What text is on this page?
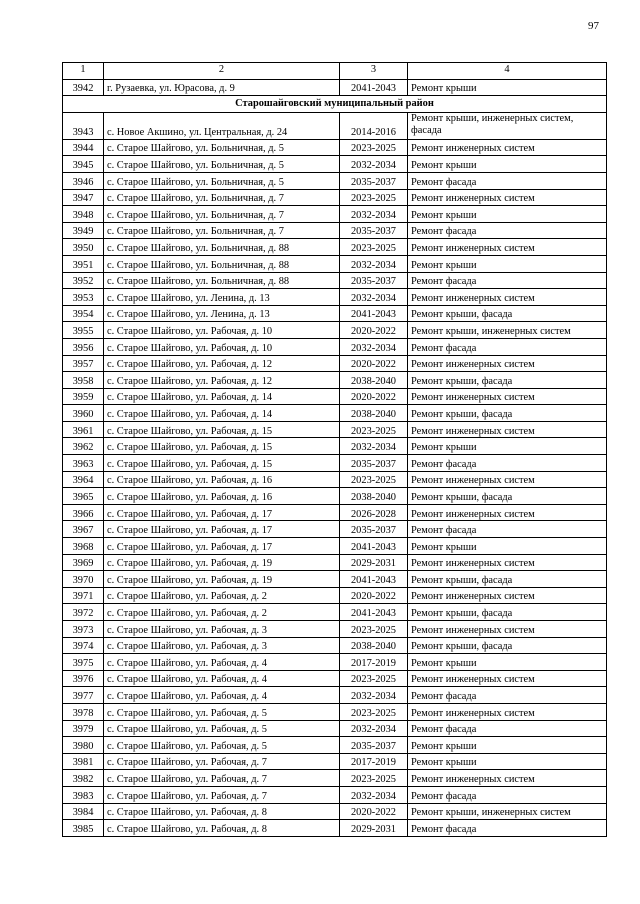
97
1	2	3	4
3942	г. Рузаевка, ул. Юрасова, д. 9	2041-2043	Ремонт крыши
Старошайговский муниципальный район			
3943	с. Новое Акшино, ул. Центральная, д. 24	2014-2016	Ремонт крыши, инженерных систем, фасада
3944	с. Старое Шайгово, ул. Больничная, д. 5	2023-2025	Ремонт инженерных систем
3945	с. Старое Шайгово, ул. Больничная, д. 5	2032-2034	Ремонт крыши
3946	с. Старое Шайгово, ул. Больничная, д. 5	2035-2037	Ремонт фасада
3947	с. Старое Шайгово, ул. Больничная, д. 7	2023-2025	Ремонт инженерных систем
3948	с. Старое Шайгово, ул. Больничная, д. 7	2032-2034	Ремонт крыши
3949	с. Старое Шайгово, ул. Больничная, д. 7	2035-2037	Ремонт фасада
3950	с. Старое Шайгово, ул. Больничная, д. 88	2023-2025	Ремонт инженерных систем
3951	с. Старое Шайгово, ул. Больничная, д. 88	2032-2034	Ремонт крыши
3952	с. Старое Шайгово, ул. Больничная, д. 88	2035-2037	Ремонт фасада
3953	с. Старое Шайгово, ул. Ленина, д. 13	2032-2034	Ремонт инженерных систем
3954	с. Старое Шайгово, ул. Ленина, д. 13	2041-2043	Ремонт крыши, фасада
3955	с. Старое Шайгово, ул. Рабочая, д. 10	2020-2022	Ремонт крыши, инженерных систем
3956	с. Старое Шайгово, ул. Рабочая, д. 10	2032-2034	Ремонт фасада
3957	с. Старое Шайгово, ул. Рабочая, д. 12	2020-2022	Ремонт инженерных систем
3958	с. Старое Шайгово, ул. Рабочая, д. 12	2038-2040	Ремонт крыши, фасада
3959	с. Старое Шайгово, ул. Рабочая, д. 14	2020-2022	Ремонт инженерных систем
3960	с. Старое Шайгово, ул. Рабочая, д. 14	2038-2040	Ремонт крыши, фасада
3961	с. Старое Шайгово, ул. Рабочая, д. 15	2023-2025	Ремонт инженерных систем
3962	с. Старое Шайгово, ул. Рабочая, д. 15	2032-2034	Ремонт крыши
3963	с. Старое Шайгово, ул. Рабочая, д. 15	2035-2037	Ремонт фасада
3964	с. Старое Шайгово, ул. Рабочая, д. 16	2023-2025	Ремонт инженерных систем
3965	с. Старое Шайгово, ул. Рабочая, д. 16	2038-2040	Ремонт крыши, фасада
3966	с. Старое Шайгово, ул. Рабочая, д. 17	2026-2028	Ремонт инженерных систем
3967	с. Старое Шайгово, ул. Рабочая, д. 17	2035-2037	Ремонт фасада
3968	с. Старое Шайгово, ул. Рабочая, д. 17	2041-2043	Ремонт крыши
3969	с. Старое Шайгово, ул. Рабочая, д. 19	2029-2031	Ремонт инженерных систем
3970	с. Старое Шайгово, ул. Рабочая, д. 19	2041-2043	Ремонт крыши, фасада
3971	с. Старое Шайгово, ул. Рабочая, д. 2	2020-2022	Ремонт инженерных систем
3972	с. Старое Шайгово, ул. Рабочая, д. 2	2041-2043	Ремонт крыши, фасада
3973	с. Старое Шайгово, ул. Рабочая, д. 3	2023-2025	Ремонт инженерных систем
3974	с. Старое Шайгово, ул. Рабочая, д. 3	2038-2040	Ремонт крыши, фасада
3975	с. Старое Шайгово, ул. Рабочая, д. 4	2017-2019	Ремонт крыши
3976	с. Старое Шайгово, ул. Рабочая, д. 4	2023-2025	Ремонт инженерных систем
3977	с. Старое Шайгово, ул. Рабочая, д. 4	2032-2034	Ремонт фасада
3978	с. Старое Шайгово, ул. Рабочая, д. 5	2023-2025	Ремонт инженерных систем
3979	с. Старое Шайгово, ул. Рабочая, д. 5	2032-2034	Ремонт фасада
3980	с. Старое Шайгово, ул. Рабочая, д. 5	2035-2037	Ремонт крыши
3981	с. Старое Шайгово, ул. Рабочая, д. 7	2017-2019	Ремонт крыши
3982	с. Старое Шайгово, ул. Рабочая, д. 7	2023-2025	Ремонт инженерных систем
3983	с. Старое Шайгово, ул. Рабочая, д. 7	2032-2034	Ремонт фасада
3984	с. Старое Шайгово, ул. Рабочая, д. 8	2020-2022	Ремонт крыши, инженерных систем
3985	с. Старое Шайгово, ул. Рабочая, д. 8	2029-2031	Ремонт фасада
